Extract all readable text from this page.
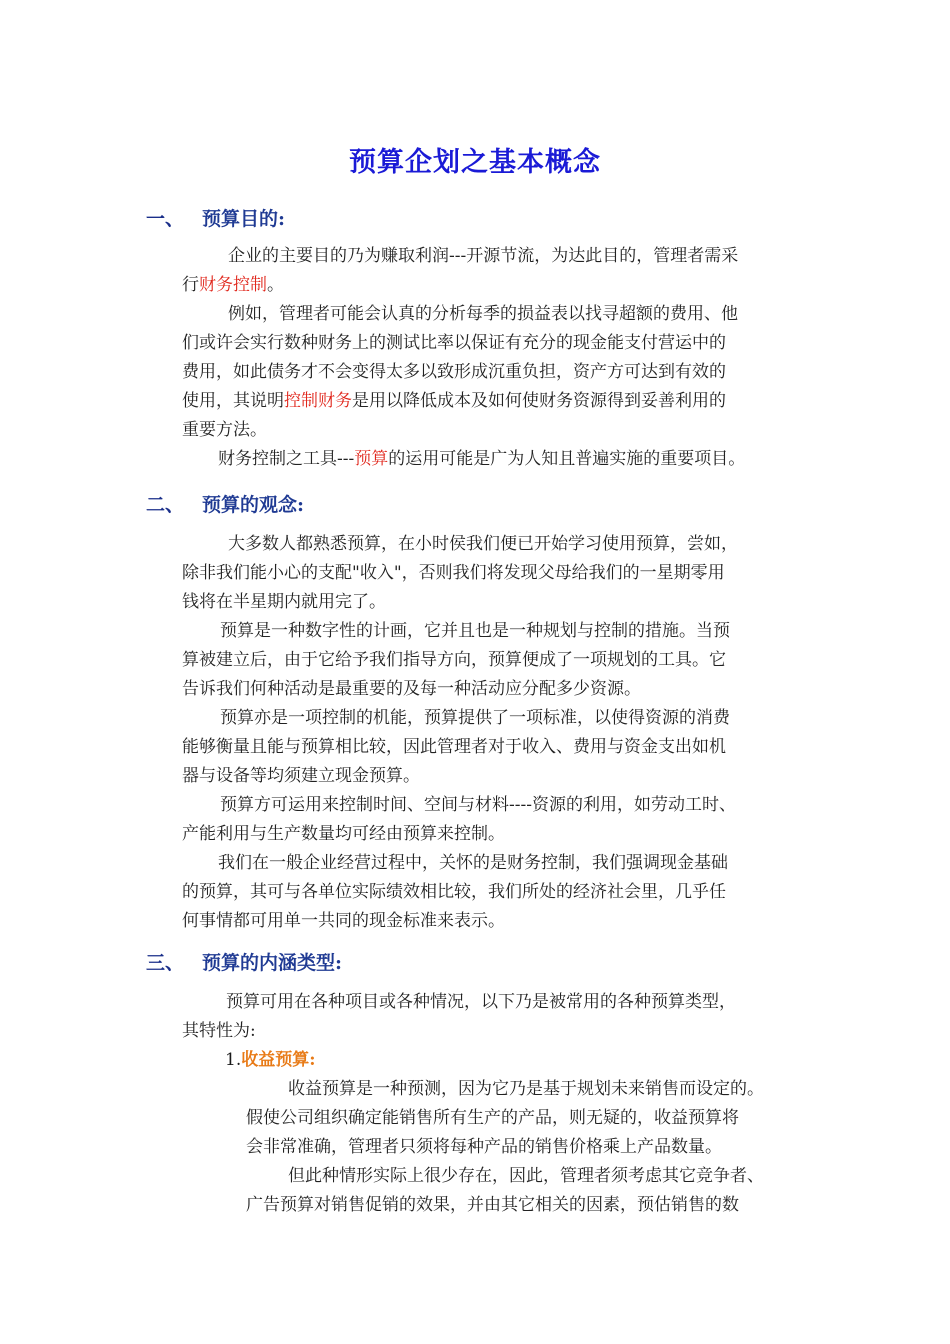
预算企划之基本概念
一、 预算目的:
企业的主要目的乃为赚取利润---开源节流，为达此目的，管理者需采
行财务控制。
例如，管理者可能会认真的分析每季的损益表以找寻超额的费用、他
们或许会实行数种财务上的测试比率以保证有充分的现金能支付营运中的
费用，如此债务才不会变得太多以致形成沉重负担，资产方可达到有效的
使用，其说明控制财务是用以降低成本及如何使财务资源得到妥善利用的
重要方法。
财务控制之工具---预算的运用可能是广为人知且普遍实施的重要项目。
二、 预算的观念:
大多数人都熟悉预算，在小时侯我们便已开始学习使用预算，尝如，
除非我们能小心的支配"收入"，否则我们将发现父母给我们的一星期零用
钱将在半星期内就用完了。
预算是一种数字性的计画，它并且也是一种规划与控制的措施。当预
算被建立后，由于它给予我们指导方向，预算便成了一项规划的工具。它
告诉我们何种活动是最重要的及每一种活动应分配多少资源。
预算亦是一项控制的机能，预算提供了一项标准，以使得资源的消费
能够衡量且能与预算相比较，因此管理者对于收入、费用与资金支出如机
器与设备等均须建立现金预算。
预算方可运用来控制时间、空间与材料----资源的利用，如劳动工时、
产能利用与生产数量均可经由预算来控制。
我们在一般企业经营过程中，关怀的是财务控制，我们强调现金基础
的预算，其可与各单位实际绩效相比较，我们所处的经济社会里，几乎任
何事情都可用单一共同的现金标准来表示。
三、 预算的内涵类型:
预算可用在各种项目或各种情况，以下乃是被常用的各种预算类型，
其特性为:
1.收益预算:
收益预算是一种预测，因为它乃是基于规划未来销售而设定的。
假使公司组织确定能销售所有生产的产品，则无疑的，收益预算将
会非常准确，管理者只须将每种产品的销售价格乘上产品数量。
但此种情形实际上很少存在，因此，管理者须考虑其它竞争者、
广告预算对销售促销的效果，并由其它相关的因素，预估销售的数
